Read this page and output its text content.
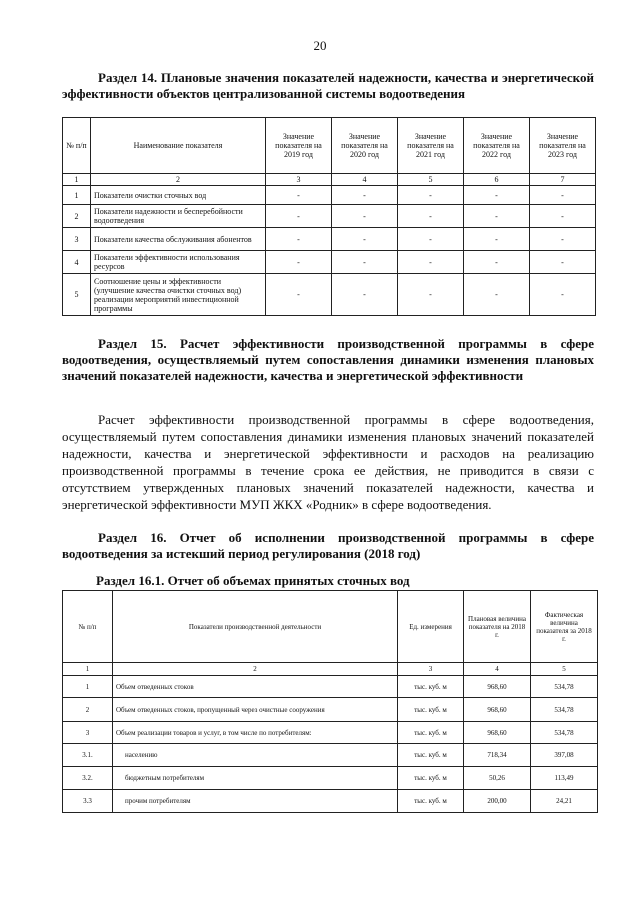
20
Раздел 14. Плановые значения показателей надежности, качества и энергетической эффективности объектов централизованной системы водоотведения
№ п/п	Наименование показателя	Значение показателя на 2019 год	Значение показателя на 2020 год	Значение показателя на 2021 год	Значение показателя на 2022 год	Значение показателя на 2023 год
1	2	3	4	5	6	7
1	Показатели очистки сточных вод	-	-	-	-	-
2	Показатели надежности и бесперебойности водоотведения	-	-	-	-	-
3	Показатели качества обслуживания абонентов	-	-	-	-	-
4	Показатели эффективности использования ресурсов	-	-	-	-	-
5	Соотношение цены и эффективности (улучшение качества очистки сточных вод) реализации мероприятий инвестиционной программы	-	-	-	-	-
Раздел 15. Расчет эффективности производственной программы в сфере водоотведения, осуществляемый путем сопоставления динамики изменения плановых значений показателей надежности, качества и энергетической эффективности
Расчет эффективности производственной программы в сфере водоотведения, осуществляемый путем сопоставления динамики изменения плановых значений показателей надежности, качества и энергетической эффективности и расходов на реализацию производственной программы в течение срока ее действия, не приводится в связи с отсутствием утвержденных плановых значений показателей надежности, качества и энергетической эффективности МУП ЖКХ «Родник» в сфере водоотведения.
Раздел 16. Отчет об исполнении производственной программы в сфере водоотведения за истекший период регулирования (2018 год)
Раздел 16.1. Отчет об объемах принятых сточных вод
№ п/п	Показатели производственной деятельности	Ед. измерения	Плановая величина показателя на 2018 г.	Фактическая величина показателя за 2018 г.
1	2	3	4	5
1	Объем отведенных стоков	тыс. куб. м	968,60	534,78
2	Объем отведенных стоков, пропущенный через очистные сооружения	тыс. куб. м	968,60	534,78
3	Объем реализации товаров и услуг, в том числе по потребителям:	тыс. куб. м	968,60	534,78
3.1.	населению	тыс. куб. м	718,34	397,08
3.2.	бюджетным потребителям	тыс. куб. м	50,26	113,49
3.3	прочим потребителям	тыс. куб. м	200,00	24,21
